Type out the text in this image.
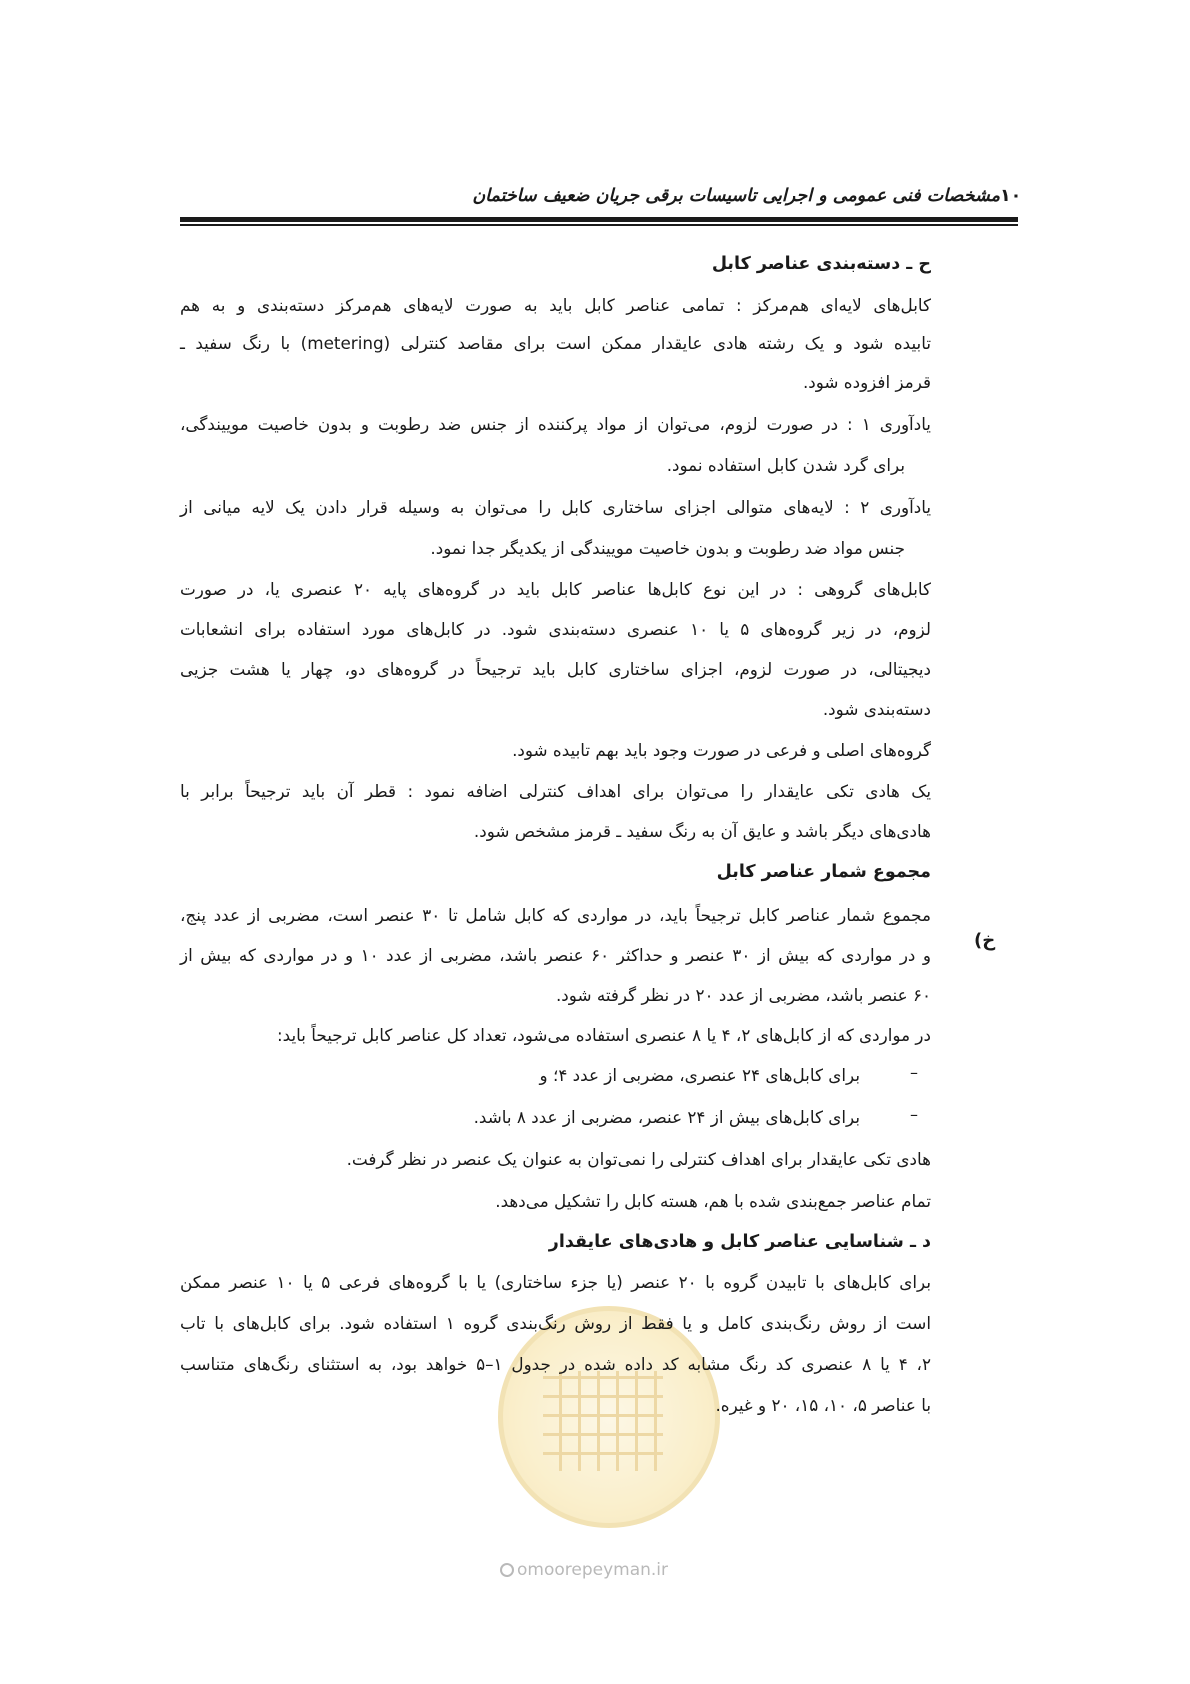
مشخصات فنی عمومی و اجرایی تاسیسات برقی جریان ضعیف ساختمان ۱۰
ح ـ دسته‌بندی عناصر کابل
کابل‌های لایه‌ای هم‌مرکز : تمامی عناصر کابل باید به صورت لایه‌های هم‌مرکز دسته‌بندی و به هم
تابیده شود و یک رشته هادی عایقدار ممکن است برای مقاصد کنترلی (metering) با رنگ سفید ـ
قرمز افزوده شود.
یادآوری ۱ : در صورت لزوم، می‌توان از مواد پرکننده از جنس ضد رطوبت و بدون خاصیت موییندگی،
برای گرد شدن کابل استفاده نمود.
یادآوری ۲ : لایه‌های متوالی اجزای ساختاری کابل را می‌توان به وسیله قرار دادن یک لایه میانی از
جنس مواد ضد رطوبت و بدون خاصیت موییندگی از یکدیگر جدا نمود.
کابل‌های گروهی : در این نوع کابل‌ها عناصر کابل باید در گروه‌های پایه ۲۰ عنصری یا، در صورت
لزوم، در زیر گروه‌های ۵ یا ۱۰ عنصری دسته‌بندی شود. در کابل‌های مورد استفاده برای انشعابات
دیجیتالی، در صورت لزوم، اجزای ساختاری کابل باید ترجیحاً در گروه‌های دو، چهار یا هشت جزیی
دسته‌بندی شود.
گروه‌های اصلی و فرعی در صورت وجود باید بهم تابیده شود.
یک هادی تکی عایقدار را می‌توان برای اهداف کنترلی اضافه نمود : قطر آن باید ترجیحاً برابر با
هادی‌های دیگر باشد و عایق آن به رنگ سفید ـ قرمز مشخص شود.
خ)
مجموع شمار عناصر کابل
مجموع شمار عناصر کابل ترجیحاً باید، در مواردی که کابل شامل تا ۳۰ عنصر است، مضربی از عدد پنج،
و در مواردی که بیش از ۳۰ عنصر و حداکثر ۶۰ عنصر باشد، مضربی از عدد ۱۰ و در مواردی که بیش از
۶۰ عنصر باشد، مضربی از عدد ۲۰ در نظر گرفته شود.
در مواردی که از کابل‌های ۲، ۴ یا ۸ عنصری استفاده می‌شود، تعداد کل عناصر کابل ترجیحاً باید:
–
برای کابل‌های ۲۴ عنصری، مضربی از عدد ۴؛ و
–
برای کابل‌های بیش از ۲۴ عنصر، مضربی از عدد ۸ باشد.
هادی تکی عایقدار برای اهداف کنترلی را نمی‌توان به عنوان یک عنصر در نظر گرفت.
تمام عناصر جمع‌بندی شده با هم، هسته کابل را تشکیل می‌دهد.
د ـ شناسایی عناصر کابل و هادی‌های عایقدار
برای کابل‌های با تابیدن گروه با ۲۰ عنصر (یا جزء ساختاری) یا با گروه‌های فرعی ۵ یا ۱۰ عنصر ممکن
است از روش رنگ‌بندی کامل و یا فقط از روش رنگ‌بندی گروه ۱ استفاده شود. برای کابل‌های با تاب
۲، ۴ یا ۸ عنصری کد رنگ مشابه کد داده شده در جدول ۱–۵ خواهد بود، به استثنای رنگ‌های متناسب
با عناصر ۵، ۱۰، ۱۵، ۲۰ و غیره.
omoorepeyman.ir
